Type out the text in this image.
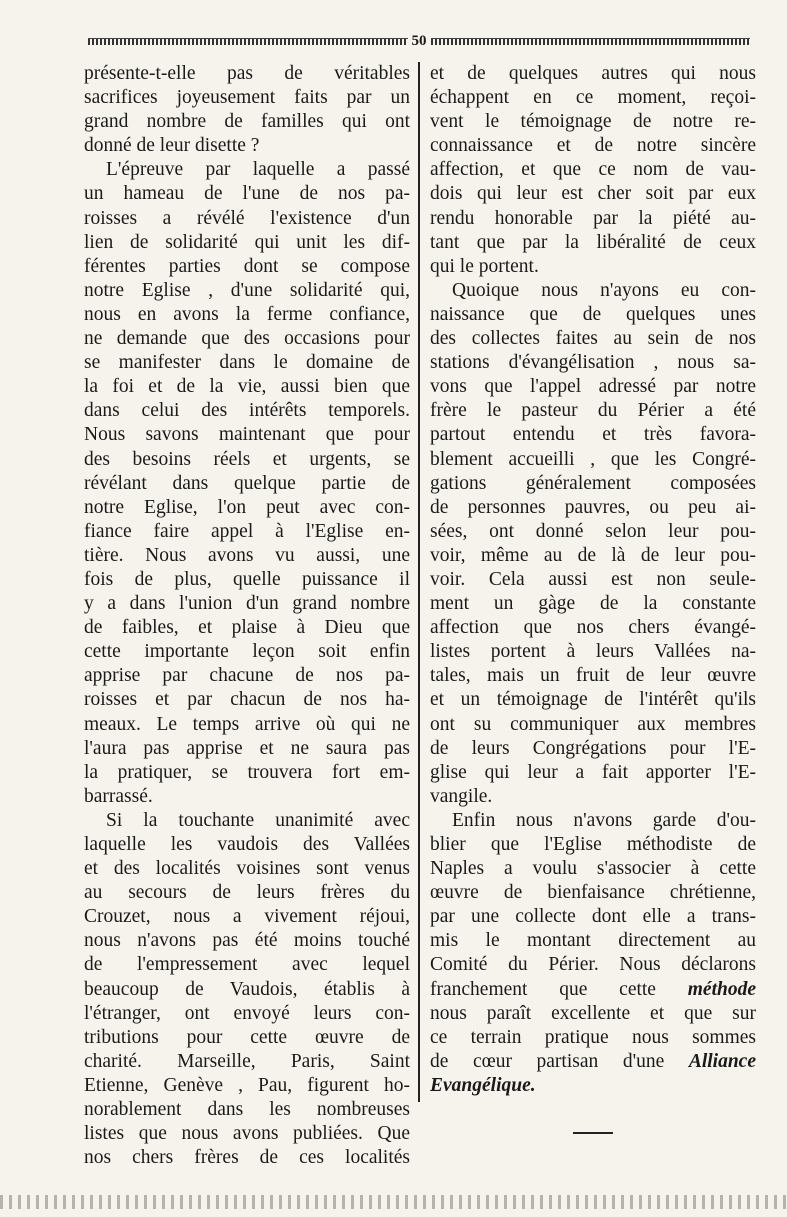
50
présente-t-elle pas de véritables
sacrifices joyeusement faits par un
grand nombre de familles qui ont
donné de leur disette ?
L'épreuve par laquelle a passé
un hameau de l'une de nos pa-
roisses a révélé l'existence d'un
lien de solidarité qui unit les dif-
férentes parties dont se compose
notre Eglise , d'une solidarité qui,
nous en avons la ferme confiance,
ne demande que des occasions pour
se manifester dans le domaine de
la foi et de la vie, aussi bien que
dans celui des intérêts temporels.
Nous savons maintenant que pour
des besoins réels et urgents, se
révélant dans quelque partie de
notre Eglise, l'on peut avec con-
fiance faire appel à l'Eglise en-
tière. Nous avons vu aussi, une
fois de plus, quelle puissance il
y a dans l'union d'un grand nombre
de faibles, et plaise à Dieu que
cette importante leçon soit enfin
apprise par chacune de nos pa-
roisses et par chacun de nos ha-
meaux. Le temps arrive où qui ne
l'aura pas apprise et ne saura pas
la pratiquer, se trouvera fort em-
barrassé.
Si la touchante unanimité avec
laquelle les vaudois des Vallées
et des localités voisines sont venus
au secours de leurs frères du
Crouzet, nous a vivement réjoui,
nous n'avons pas été moins touché
de l'empressement avec lequel
beaucoup de Vaudois, établis à
l'étranger, ont envoyé leurs con-
tributions pour cette œuvre de
charité. Marseille, Paris, Saint
Etienne, Genève , Pau, figurent ho-
norablement dans les nombreuses
listes que nous avons publiées. Que
nos chers frères de ces localités
et de quelques autres qui nous
échappent en ce moment, reçoi-
vent le témoignage de notre re-
connaissance et de notre sincère
affection, et que ce nom de vau-
dois qui leur est cher soit par eux
rendu honorable par la piété au-
tant que par la libéralité de ceux
qui le portent.
Quoique nous n'ayons eu con-
naissance que de quelques unes
des collectes faites au sein de nos
stations d'évangélisation , nous sa-
vons que l'appel adressé par notre
frère le pasteur du Périer a été
partout entendu et très favora-
blement accueilli , que les Congré-
gations généralement composées
de personnes pauvres, ou peu ai-
sées, ont donné selon leur pou-
voir, même au de là de leur pou-
voir. Cela aussi est non seule-
ment un gàge de la constante
affection que nos chers évangé-
listes portent à leurs Vallées na-
tales, mais un fruit de leur œuvre
et un témoignage de l'intérêt qu'ils
ont su communiquer aux membres
de leurs Congrégations pour l'E-
glise qui leur a fait apporter l'E-
vangile.
Enfin nous n'avons garde d'ou-
blier que l'Eglise méthodiste de
Naples a voulu s'associer à cette
œuvre de bienfaisance chrétienne,
par une collecte dont elle a trans-
mis le montant directement au
Comité du Périer. Nous déclarons
franchement que cette méthode
nous paraît excellente et que sur
ce terrain pratique nous sommes
de cœur partisan d'une Alliance
Evangélique.
